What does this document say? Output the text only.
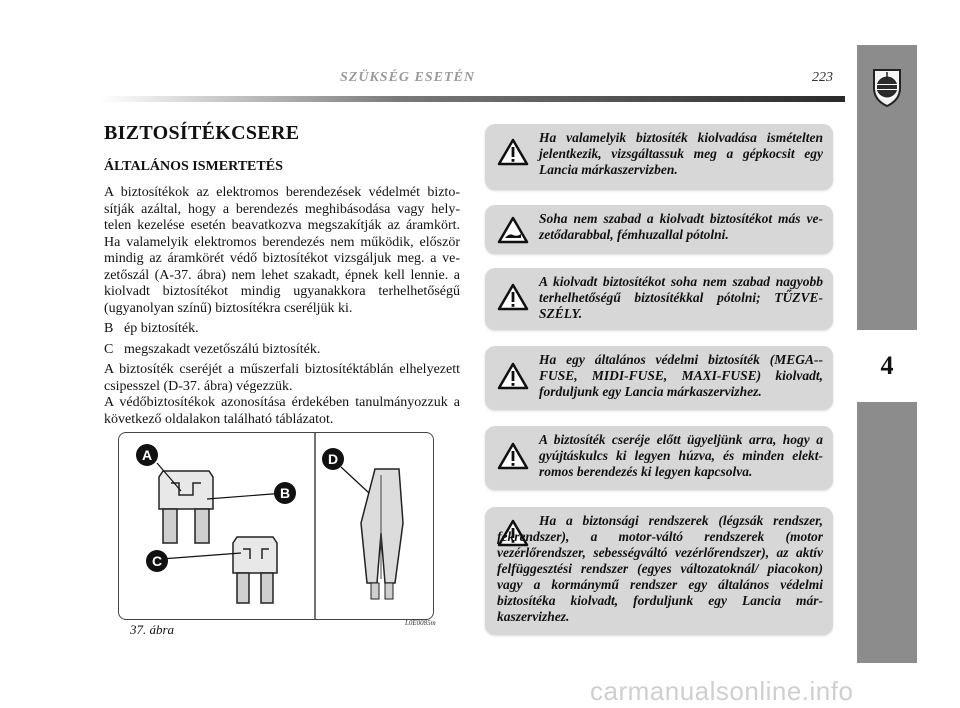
SZÜKSÉG ESETÉN	223
4
BIZTOSÍTÉKCSERE
ÁLTALÁNOS ISMERTETÉS

A biztosítékok az elektromos berendezések védelmét bizto-sítják azáltal, hogy a berendezés meghibásodása vagy hely-telen kezelése esetén beavatkozva megszakítják az áramkört. Ha valamelyik elektromos berendezés nem működik, először mindig az áramkörét védő biztosítékot vizsgáljuk meg. a ve-zetőszál (A-37. ábra) nem lehet szakadt, épnek kell lennie. a kiolvadt biztosítékot mindig ugyanakkora terhelhetőségű (ugyanolyan színű) biztosítékra cseréljük ki.

B ép biztosíték.

C megszakadt vezetőszálú biztosíték.

A biztosíték cseréjét a műszerfali biztosítéktáblán elhelyezett csipesszel (D-37. ábra) végezzük.

A védőbiztosítékok azonosítása érdekében tanulmányozzuk a következő oldalakon található táblázatot.

A
B
C
D
37. ábra	L0E0085m
Ha valamelyik biztosíték kiolvadása ismételten jelentkezik, vizsgáltassuk meg a gépkocsit egy Lancia márkaszervizben.
Soha nem szabad a kiolvadt biztosítékot más ve-zetődarabbal, fémhuzallal pótolni.
A kiolvadt biztosítékot soha nem szabad nagyobb terhelhetőségű biztosítékkal pótolni; TŰZVE-SZÉLY.
Ha egy általános védelmi biztosíték (MEGA--FUSE, MIDI-FUSE, MAXI-FUSE) kiolvadt, forduljunk egy Lancia márkaszervizhez.
A biztosíték cseréje előtt ügyeljünk arra, hogy a gyújtáskulcs ki legyen húzva, és minden elekt-romos berendezés ki legyen kapcsolva.
Ha a biztonsági rendszerek (légzsák rendszer, fékrendszer), a motor-váltó rendszerek (motor vezérlőrendszer, sebességváltó vezérlőrendszer), az aktív felfüggesztési rendszer (egyes változatoknál/ piacokon) vagy a kormánymű rendszer egy általános védelmi biztosítéka kiolvadt, forduljunk egy Lancia már-kaszervizhez.
carmanualsonline.info
